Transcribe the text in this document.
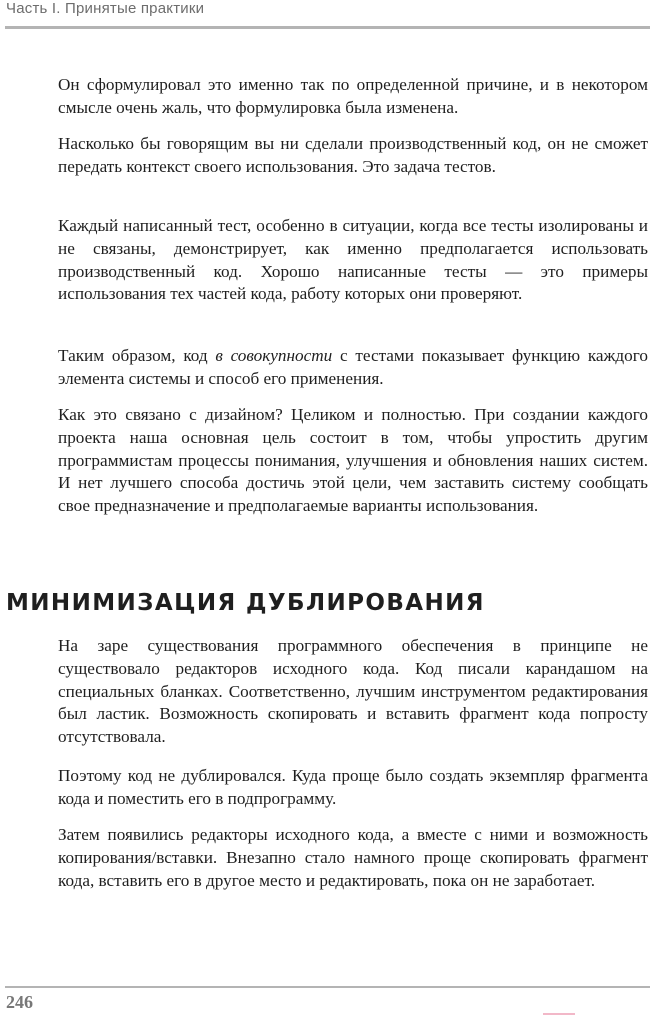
Часть I. Принятые практики

Он сформулировал это именно так по определенной причине, и в некотором смысле очень жаль, что формулировка была изменена.

Насколько бы говорящим вы ни сделали производственный код, он не сможет передать контекст своего использования. Это задача тестов.

Каждый написанный тест, особенно в ситуации, когда все тесты изолированы и не связаны, демонстрирует, как именно предполагается использовать производственный код. Хорошо написанные тесты — это примеры использования тех частей кода, работу которых они проверяют.

Таким образом, код в совокупности с тестами показывает функцию каждого элемента системы и способ его применения.

Как это связано с дизайном? Целиком и полностью. При создании каждого проекта наша основная цель состоит в том, чтобы упростить другим программистам процессы понимания, улучшения и обновления наших систем. И нет лучшего способа достичь этой цели, чем заставить систему сообщать свое предназначение и предполагаемые варианты использования.

МИНИМИЗАЦИЯ ДУБЛИРОВАНИЯ

На заре существования программного обеспечения в принципе не существовало редакторов исходного кода. Код писали карандашом на специальных бланках. Соответственно, лучшим инструментом редактирования был ластик. Возможность скопировать и вставить фрагмент кода попросту отсутствовала.

Поэтому код не дублировался. Куда проще было создать экземпляр фрагмента кода и поместить его в подпрограмму.

Затем появились редакторы исходного кода, а вместе с ними и возможность копирования/вставки. Внезапно стало намного проще скопировать фрагмент кода, вставить его в другое место и редактировать, пока он не заработает.

246
